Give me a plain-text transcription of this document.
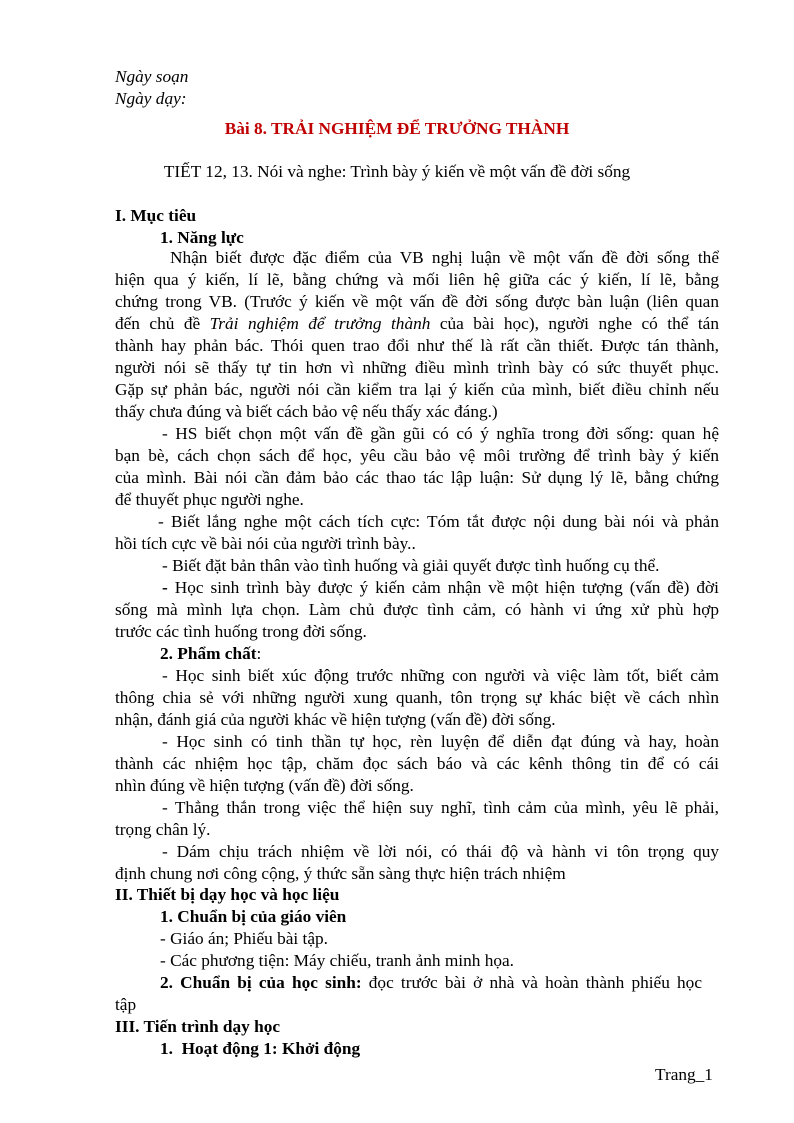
Ngày soạn
Ngày dạy:
Bài 8. TRẢI NGHIỆM ĐỂ TRƯỞNG THÀNH
TIẾT 12, 13. Nói và nghe: Trình bày ý kiến về một vấn đề đời sống
I. Mục tiêu
1. Năng lực
Nhận biết được đặc điểm của VB nghị luận về một vấn đề đời sống thể
hiện qua ý kiến, lí lẽ, bằng chứng và mối liên hệ giữa các ý kiến, lí lẽ, bằng
chứng trong VB. (Trước ý kiến về một vấn đề đời sống được bàn luận (liên quan
đến chủ đề Trải nghiệm để trưởng thành của bài học), người nghe có thể tán
thành hay phản bác. Thói quen trao đổi như thế là rất cần thiết. Được tán thành,
người nói sẽ thấy tự tin hơn vì những điều mình trình bày có sức thuyết phục.
Gặp sự phản bác, người nói cần kiểm tra lại ý kiến của mình, biết điều chỉnh nếu
thấy chưa đúng và biết cách bảo vệ nếu thấy xác đáng.)
- HS biết chọn một vấn đề gần gũi có có ý nghĩa trong đời sống: quan hệ
bạn bè, cách chọn sách để học, yêu cầu bảo vệ môi trường để trình bày ý kiến
của mình. Bài nói cần đảm bảo các thao tác lập luận: Sử dụng lý lẽ, bằng chứng
để thuyết phục người nghe.
- Biết lắng nghe một cách tích cực: Tóm tắt được nội dung bài nói và phản
hồi tích cực về bài nói của người trình bày..
- Biết đặt bản thân vào tình huống và giải quyết được tình huống cụ thể.
- Học sinh trình bày được ý kiến cảm nhận về một hiện tượng (vấn đề) đời
sống mà mình lựa chọn. Làm chủ được tình cảm, có hành vi ứng xử phù hợp
trước các tình huống trong đời sống.
2. Phẩm chất:
- Học sinh biết xúc động trước những con người và việc làm tốt, biết cảm
thông chia sẻ với những người xung quanh, tôn trọng sự khác biệt về cách nhìn
nhận, đánh giá của người khác về hiện tượng (vấn đề) đời sống.
- Học sinh có tinh thần tự học, rèn luyện để diễn đạt đúng và hay, hoàn
thành các nhiệm học tập, chăm đọc sách báo và các kênh thông tin để có cái
nhìn đúng về hiện tượng (vấn đề) đời sống.
- Thẳng thắn trong việc thể hiện suy nghĩ, tình cảm của mình, yêu lẽ phải,
trọng chân lý.
- Dám chịu trách nhiệm về lời nói, có thái độ và hành vi tôn trọng quy
định chung nơi công cộng, ý thức sẵn sàng thực hiện trách nhiệm
II. Thiết bị dạy học và học liệu
1. Chuẩn bị của giáo viên
- Giáo án; Phiếu bài tập.
- Các phương tiện: Máy chiếu, tranh ảnh minh họa.
2. Chuẩn bị của học sinh: đọc trước bài ở nhà và hoàn thành phiếu học
tập
III. Tiến trình dạy học
1.  Hoạt động 1: Khởi động
Trang_1
